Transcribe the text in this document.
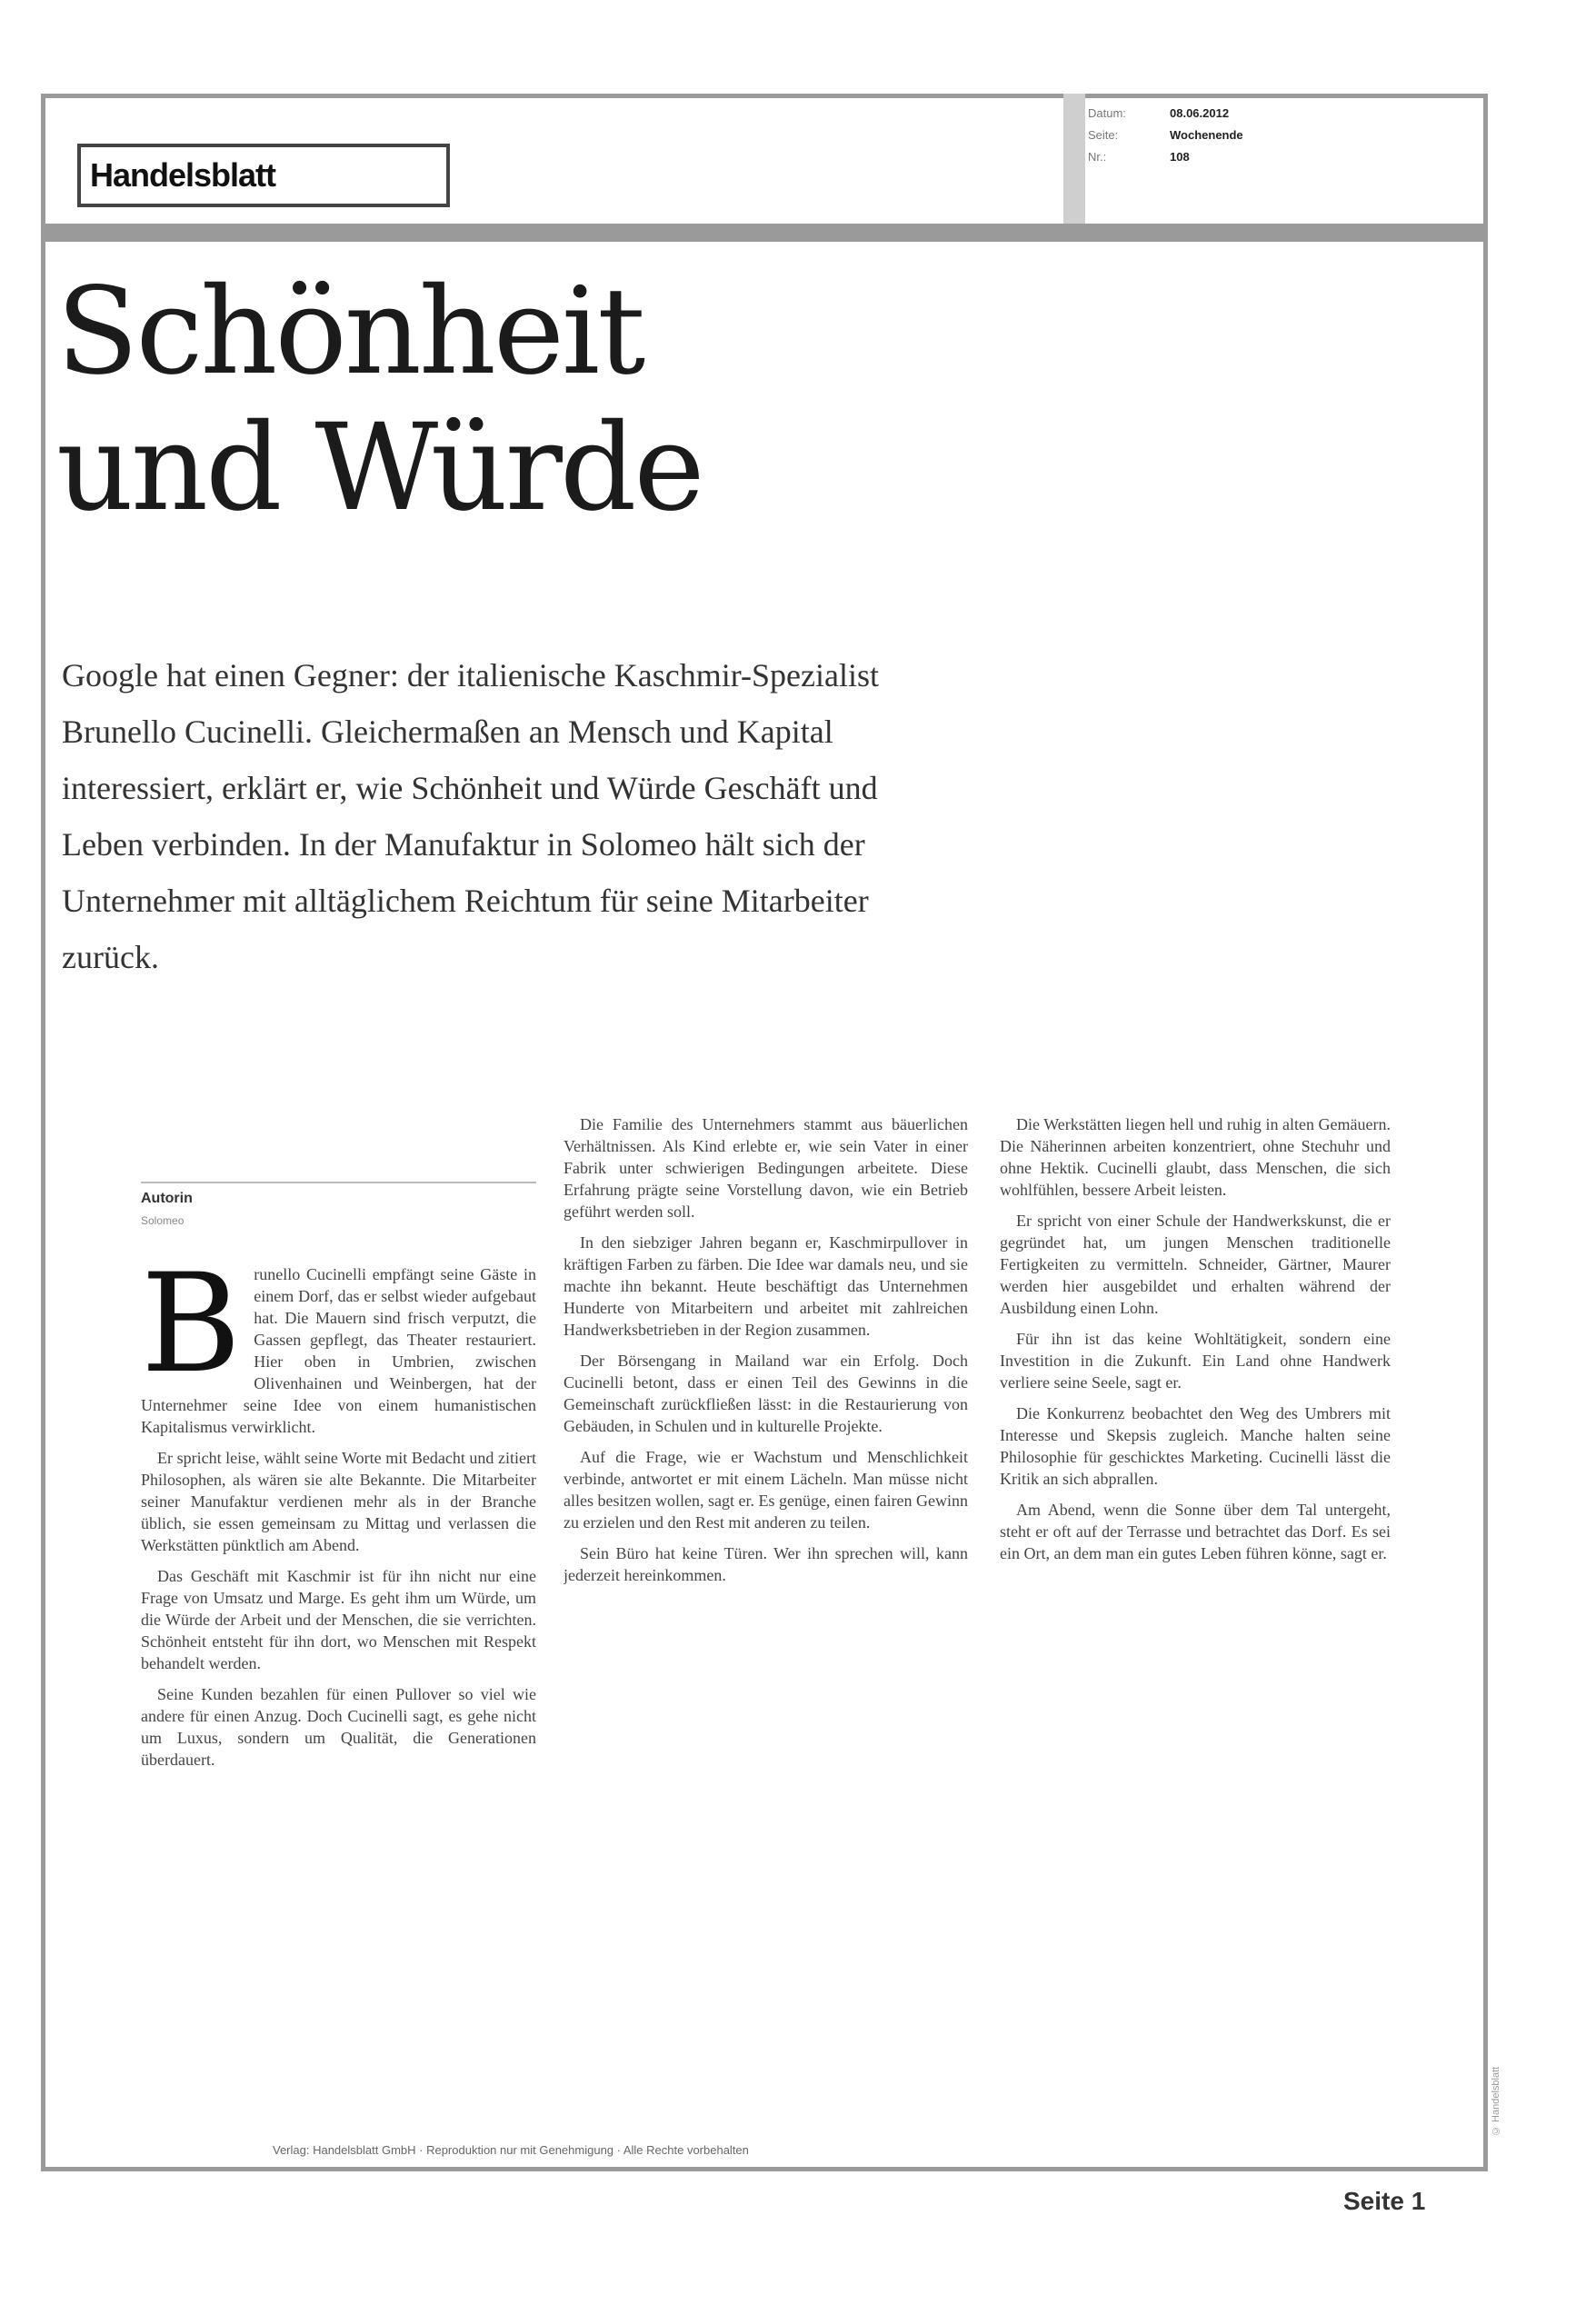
Handelsblatt
Datum:	08.06.2012
Seite:	Wochenende
Nr.:	108
Schönheit
und Würde

Google hat einen Gegner: der italienische Kaschmir-Spezialist Brunello Cucinelli. Gleichermaßen an Mensch und Kapital interessiert, erklärt er, wie Schönheit und Würde Geschäft und Leben verbinden. In der Manufaktur in Solomeo hält sich der Unternehmer mit alltäglichem Reichtum für seine Mitarbeiter zurück.

Autorin
Solomeo
B runello Cucinelli empfängt seine Gäste in einem Dorf, das er selbst wieder aufgebaut hat. Die Mauern sind frisch verputzt, die Gassen gepflegt, das Theater restauriert. Hier oben in Umbrien, zwischen Olivenhainen und Weinbergen, hat der Unternehmer seine Idee von einem humanistischen Kapitalismus verwirklicht.

Er spricht leise, wählt seine Worte mit Bedacht und zitiert Philosophen, als wären sie alte Bekannte. Die Mitarbeiter seiner Manufaktur verdienen mehr als in der Branche üblich, sie essen gemeinsam zu Mittag und verlassen die Werkstätten pünktlich am Abend.

Das Geschäft mit Kaschmir ist für ihn nicht nur eine Frage von Umsatz und Marge. Es geht ihm um Würde, um die Würde der Arbeit und der Menschen, die sie verrichten. Schönheit entsteht für ihn dort, wo Menschen mit Respekt behandelt werden.

Seine Kunden bezahlen für einen Pullover so viel wie andere für einen Anzug. Doch Cucinelli sagt, es gehe nicht um Luxus, sondern um Qualität, die Generationen überdauert.

Die Familie des Unternehmers stammt aus bäuerlichen Verhältnissen. Als Kind erlebte er, wie sein Vater in einer Fabrik unter schwierigen Bedingungen arbeitete. Diese Erfahrung prägte seine Vorstellung davon, wie ein Betrieb geführt werden soll.

In den siebziger Jahren begann er, Kaschmirpullover in kräftigen Farben zu färben. Die Idee war damals neu, und sie machte ihn bekannt. Heute beschäftigt das Unternehmen Hunderte von Mitarbeitern und arbeitet mit zahlreichen Handwerksbetrieben in der Region zusammen.

Der Börsengang in Mailand war ein Erfolg. Doch Cucinelli betont, dass er einen Teil des Gewinns in die Gemeinschaft zurückfließen lässt: in die Restaurierung von Gebäuden, in Schulen und in kulturelle Projekte.

Auf die Frage, wie er Wachstum und Menschlichkeit verbinde, antwortet er mit einem Lächeln. Man müsse nicht alles besitzen wollen, sagt er. Es genüge, einen fairen Gewinn zu erzielen und den Rest mit anderen zu teilen.

Sein Büro hat keine Türen. Wer ihn sprechen will, kann jederzeit hereinkommen.

Die Werkstätten liegen hell und ruhig in alten Gemäuern. Die Näherinnen arbeiten konzentriert, ohne Stechuhr und ohne Hektik. Cucinelli glaubt, dass Menschen, die sich wohlfühlen, bessere Arbeit leisten.

Er spricht von einer Schule der Handwerkskunst, die er gegründet hat, um jungen Menschen traditionelle Fertigkeiten zu vermitteln. Schneider, Gärtner, Maurer werden hier ausgebildet und erhalten während der Ausbildung einen Lohn.

Für ihn ist das keine Wohltätigkeit, sondern eine Investition in die Zukunft. Ein Land ohne Handwerk verliere seine Seele, sagt er.

Die Konkurrenz beobachtet den Weg des Umbrers mit Interesse und Skepsis zugleich. Manche halten seine Philosophie für geschicktes Marketing. Cucinelli lässt die Kritik an sich abprallen.

Am Abend, wenn die Sonne über dem Tal untergeht, steht er oft auf der Terrasse und betrachtet das Dorf. Es sei ein Ort, an dem man ein gutes Leben führen könne, sagt er.

Verlag: Handelsblatt GmbH · Reproduktion nur mit Genehmigung · Alle Rechte vorbehalten
© Handelsblatt
Seite 1
